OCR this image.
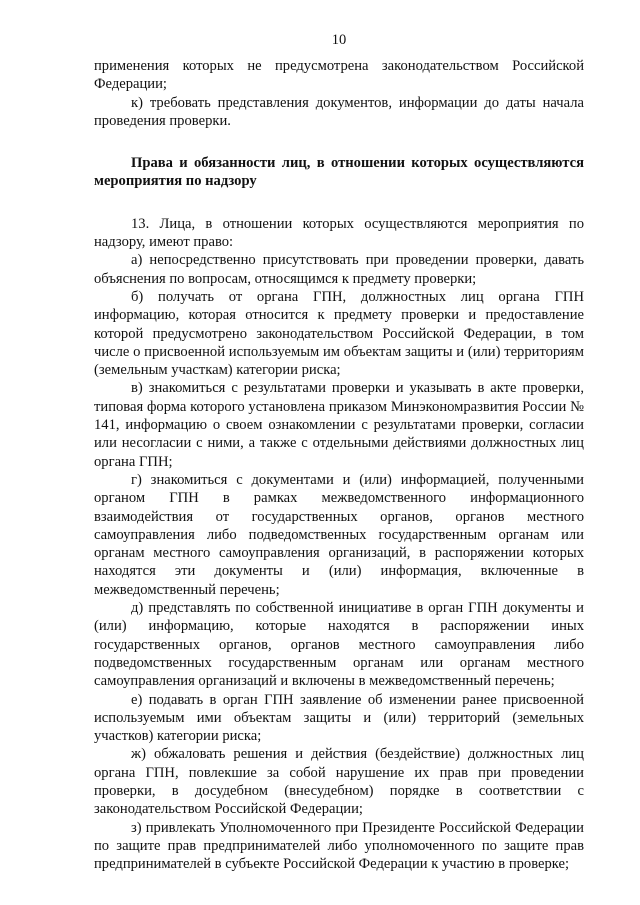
10

применения которых не предусмотрена законодательством Российской Федерации;

к) требовать представления документов, информации до даты начала проведения проверки.

Права и обязанности лиц, в отношении которых осуществляются мероприятия по надзору

13. Лица, в отношении которых осуществляются мероприятия по надзору, имеют право:

а) непосредственно присутствовать при проведении проверки, давать объяснения по вопросам, относящимся к предмету проверки;

б) получать от органа ГПН, должностных лиц органа ГПН информацию, которая относится к предмету проверки и предоставление которой предусмотрено законодательством Российской Федерации, в том числе о присвоенной используемым им объектам защиты и (или) территориям (земельным участкам) категории риска;

в) знакомиться с результатами проверки и указывать в акте проверки, типовая форма которого установлена приказом Минэкономразвития России № 141, информацию о своем ознакомлении с результатами проверки, согласии или несогласии с ними, а также с отдельными действиями должностных лиц органа ГПН;

г) знакомиться с документами и (или) информацией, полученными органом ГПН в рамках межведомственного информационного взаимодействия от государственных органов, органов местного самоуправления либо подведомственных государственным органам или органам местного самоуправления организаций, в распоряжении которых находятся эти документы и (или) информация, включенные в межведомственный перечень;

д) представлять по собственной инициативе в орган ГПН документы и (или) информацию, которые находятся в распоряжении иных государственных органов, органов местного самоуправления либо подведомственных государственным органам или органам местного самоуправления организаций и включены в межведомственный перечень;

е) подавать в орган ГПН заявление об изменении ранее присвоенной используемым ими объектам защиты и (или) территорий (земельных участков) категории риска;

ж) обжаловать решения и действия (бездействие) должностных лиц органа ГПН, повлекшие за собой нарушение их прав при проведении проверки, в досудебном (внесудебном) порядке в соответствии с законодательством Российской Федерации;

з) привлекать Уполномоченного при Президенте Российской Федерации по защите прав предпринимателей либо уполномоченного по защите прав предпринимателей в субъекте Российской Федерации к участию в проверке;
